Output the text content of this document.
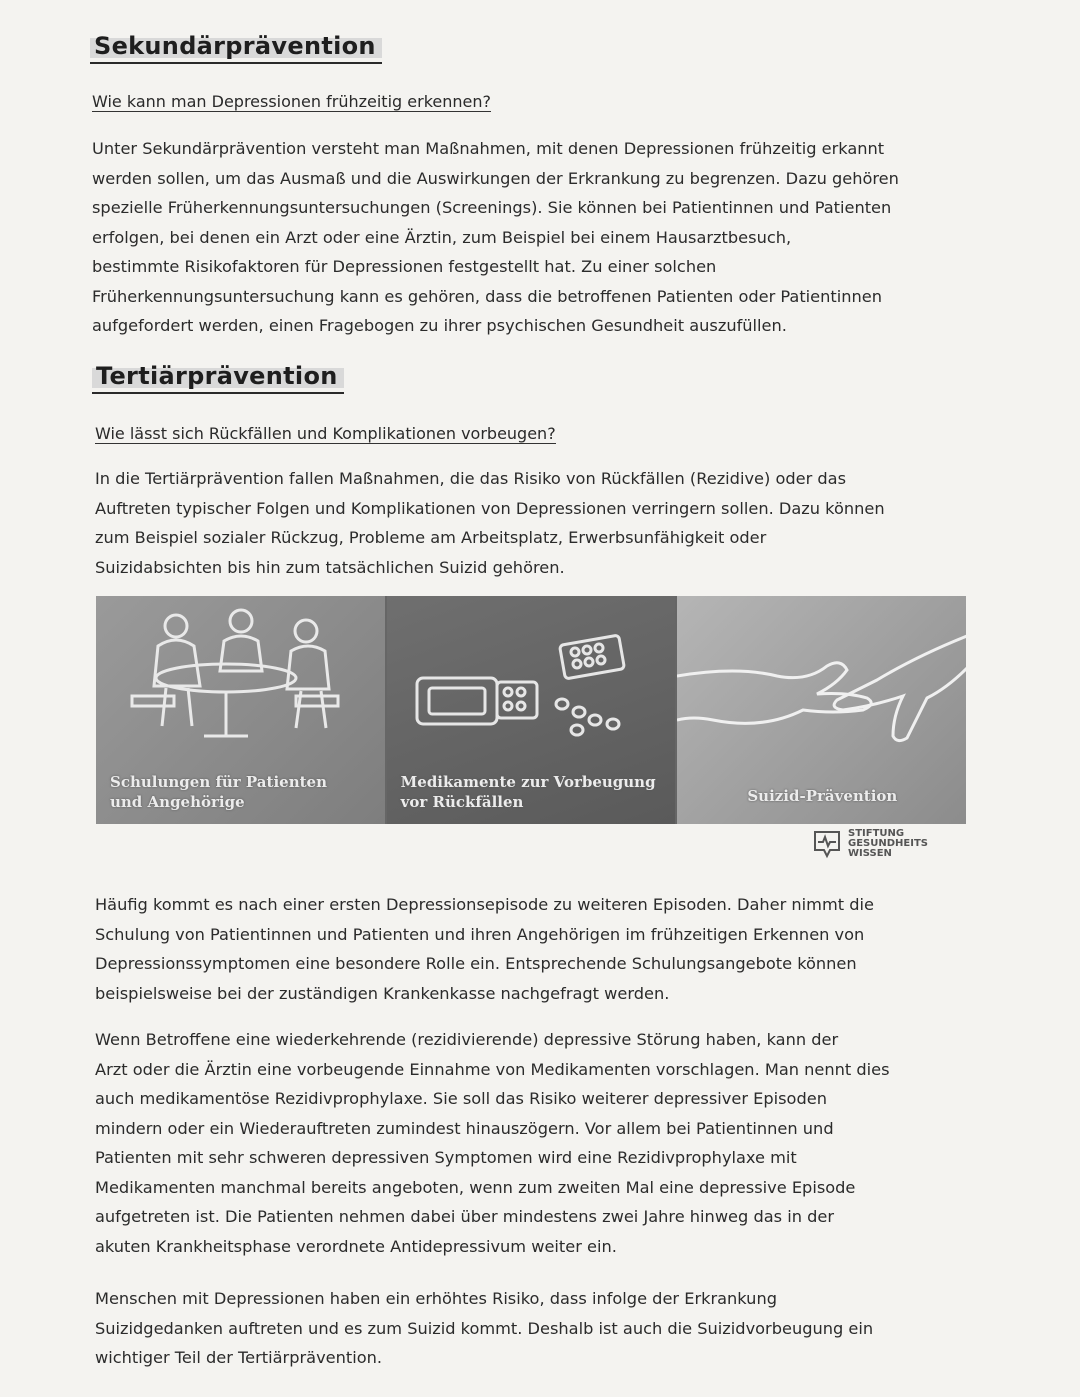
Sekundärprävention
Wie kann man Depressionen frühzeitig erkennen?
Unter Sekundärprävention versteht man Maßnahmen, mit denen Depressionen frühzeitig erkannt
werden sollen, um das Ausmaß und die Auswirkungen der Erkrankung zu begrenzen. Dazu gehören
spezielle Früherkennungsuntersuchungen (Screenings). Sie können bei Patientinnen und Patienten
erfolgen, bei denen ein Arzt oder eine Ärztin, zum Beispiel bei einem Hausarztbesuch,
bestimmte Risikofaktoren für Depressionen festgestellt hat. Zu einer solchen
Früherkennungsuntersuchung kann es gehören, dass die betroffenen Patienten oder Patientinnen
aufgefordert werden, einen Fragebogen zu ihrer psychischen Gesundheit auszufüllen.
Tertiärprävention
Wie lässt sich Rückfällen und Komplikationen vorbeugen?
In die Tertiärprävention fallen Maßnahmen, die das Risiko von Rückfällen (Rezidive) oder das
Auftreten typischer Folgen und Komplikationen von Depressionen verringern sollen. Dazu können
zum Beispiel sozialer Rückzug, Probleme am Arbeitsplatz, Erwerbsunfähigkeit oder
Suizidabsichten bis hin zum tatsächlichen Suizid gehören.
Schulungen für Patienten
und Angehörige
Medikamente zur Vorbeugung
vor Rückfällen	Suizid-Prävention
STIFTUNG
GESUNDHEITS
WISSEN
Häufig kommt es nach einer ersten Depressionsepisode zu weiteren Episoden. Daher nimmt die
Schulung von Patientinnen und Patienten und ihren Angehörigen im frühzeitigen Erkennen von
Depressionssymptomen eine besondere Rolle ein. Entsprechende Schulungsangebote können
beispielsweise bei der zuständigen Krankenkasse nachgefragt werden.
Wenn Betroffene eine wiederkehrende (rezidivierende) depressive Störung haben, kann der
Arzt oder die Ärztin eine vorbeugende Einnahme von Medikamenten vorschlagen. Man nennt dies
auch medikamentöse Rezidivprophylaxe. Sie soll das Risiko weiterer depressiver Episoden
mindern oder ein Wiederauftreten zumindest hinauszögern. Vor allem bei Patientinnen und
Patienten mit sehr schweren depressiven Symptomen wird eine Rezidivprophylaxe mit
Medikamenten manchmal bereits angeboten, wenn zum zweiten Mal eine depressive Episode
aufgetreten ist. Die Patienten nehmen dabei über mindestens zwei Jahre hinweg das in der
akuten Krankheitsphase verordnete Antidepressivum weiter ein.
Menschen mit Depressionen haben ein erhöhtes Risiko, dass infolge der Erkrankung
Suizidgedanken auftreten und es zum Suizid kommt. Deshalb ist auch die Suizidvorbeugung ein
wichtiger Teil der Tertiärprävention.
